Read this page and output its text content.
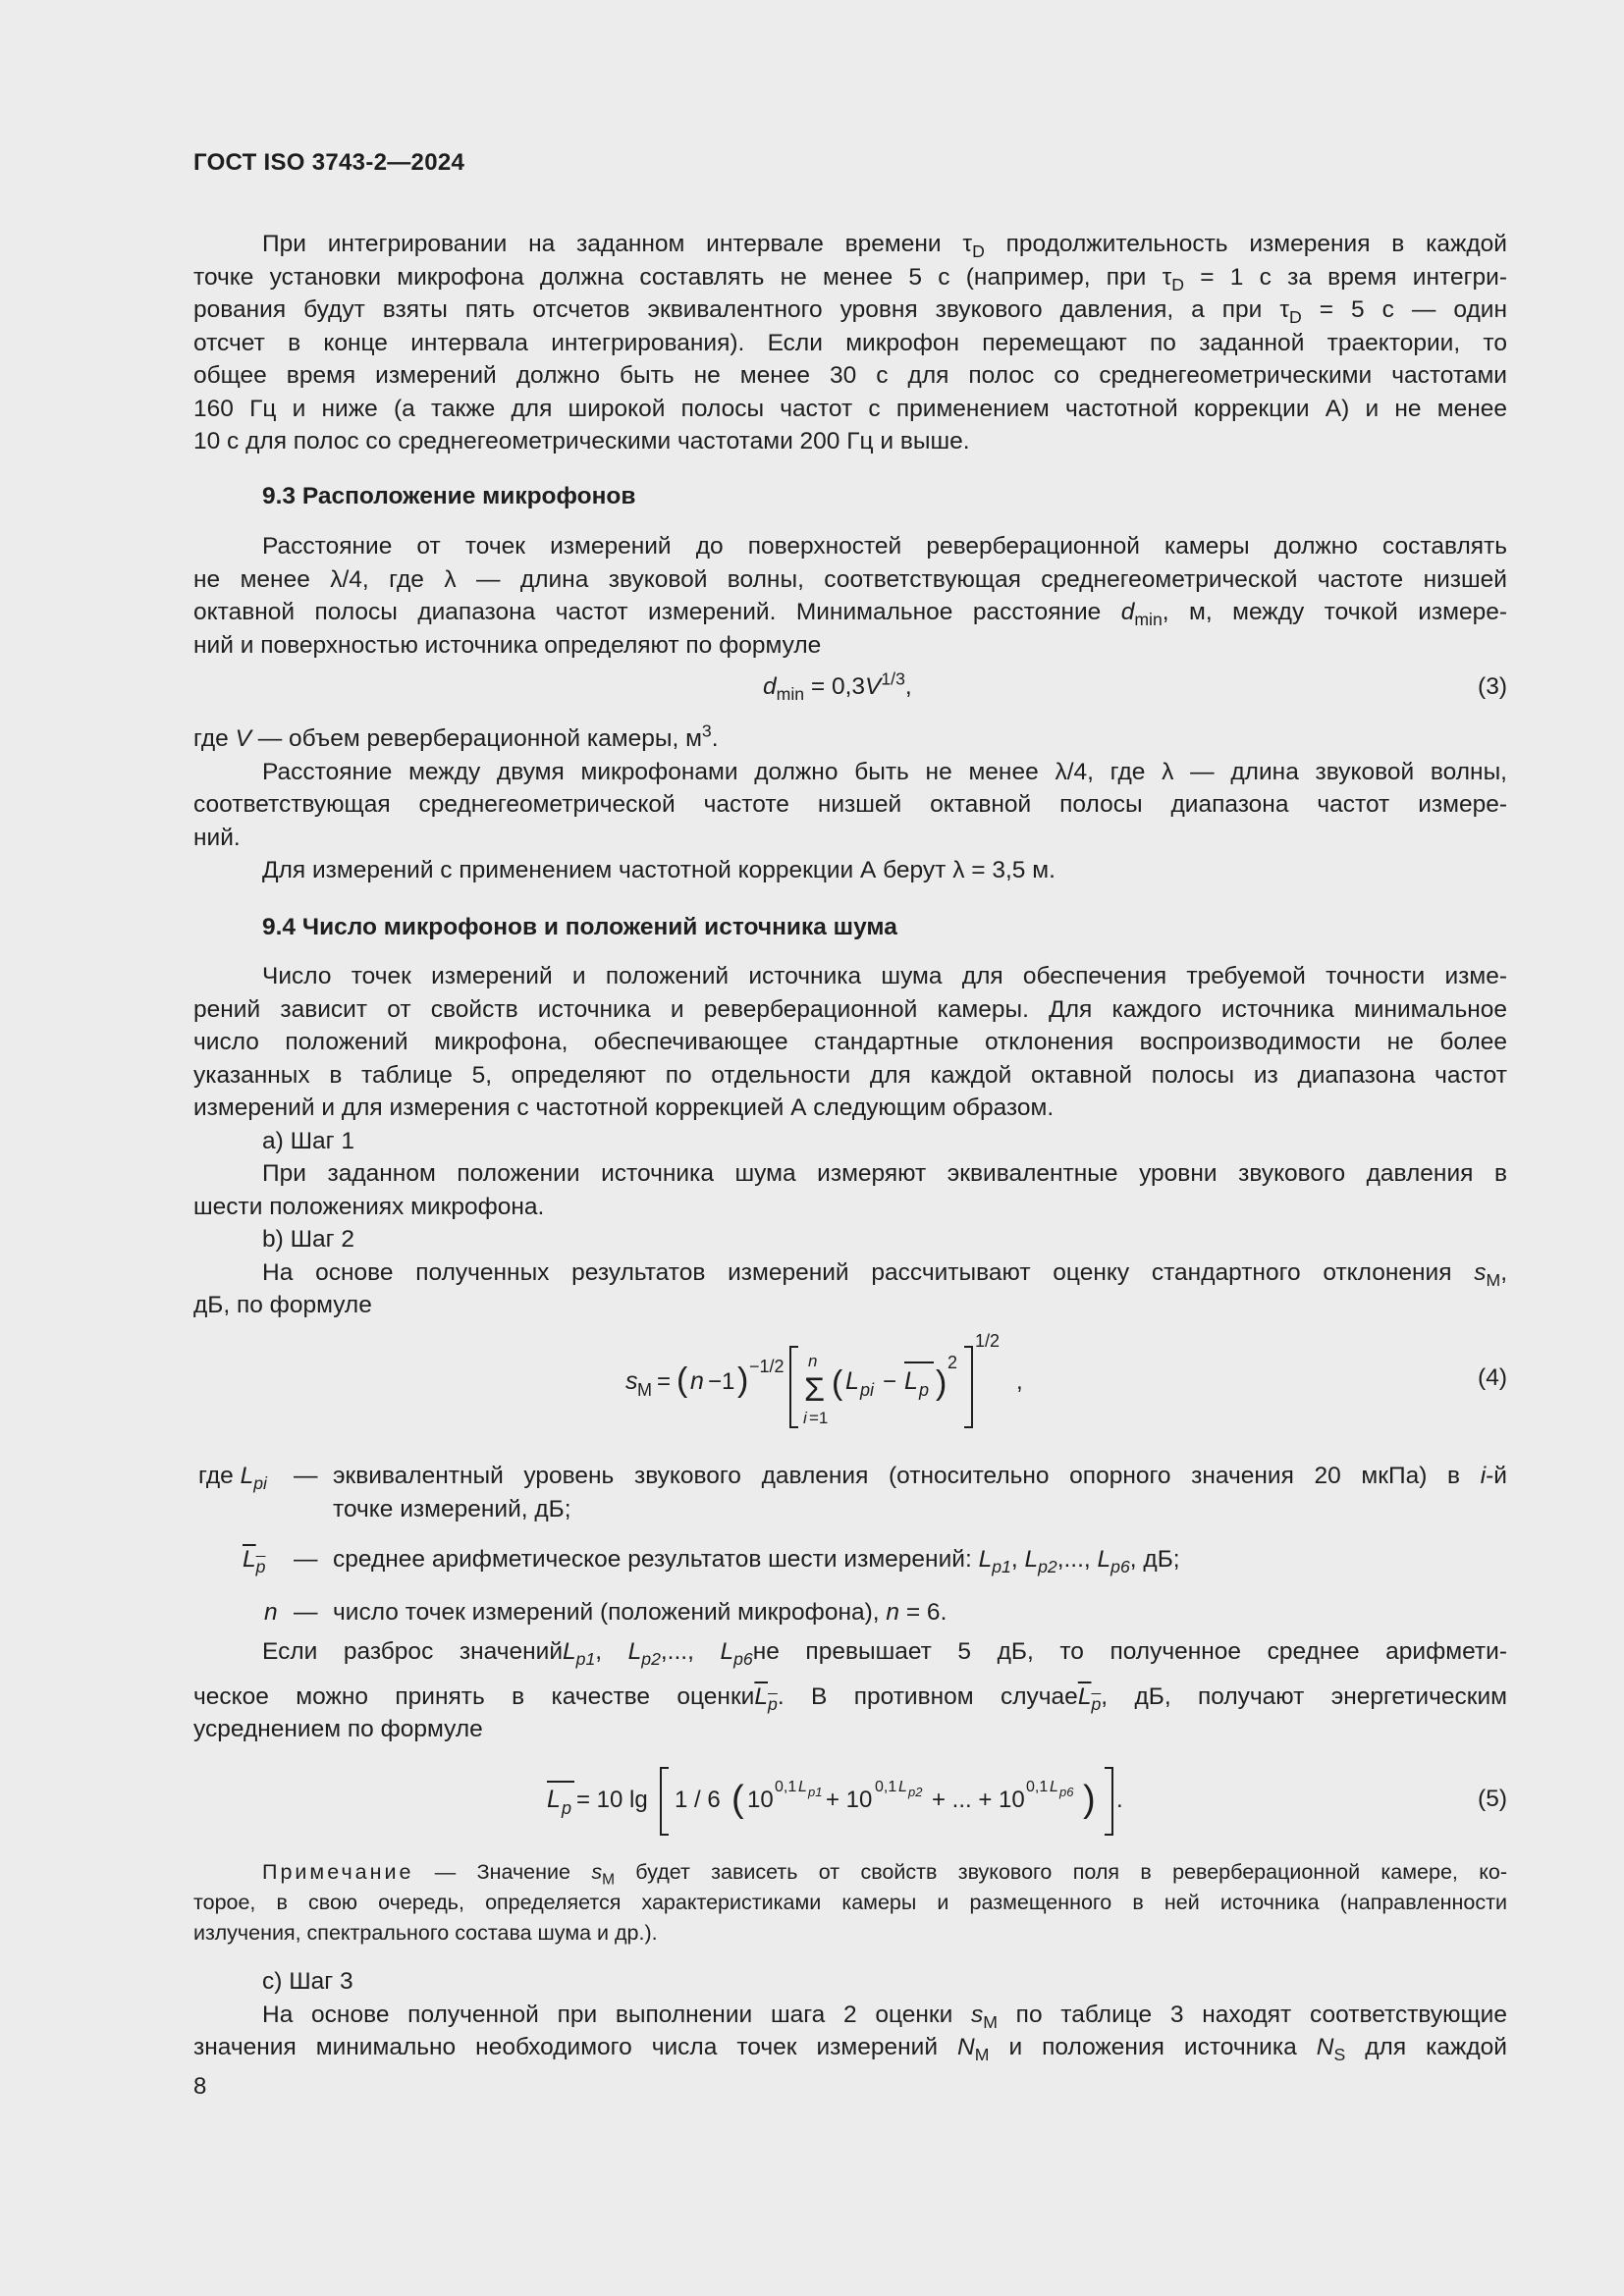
ГОСТ ISO 3743-2—2024
При интегрировании на заданном интервале времени $\tau_D$ продолжительность измерения в каждой
точке установки микрофона должна составлять не менее 5 с (например, при $\tau_D = 1$ с за время интегри-
рования будут взяты пять отсчетов эквивалентного уровня звукового давления, а при $\tau_D = 5$ с — один
отсчет в конце интервала интегрирования). Если микрофон перемещают по заданной траектории, то
общее время измерений должно быть не менее 30 с для полос со среднегеометрическими частотами
160 Гц и ниже (а также для широкой полосы частот с применением частотной коррекции А) и не менее
10 с для полос со среднегеометрическими частотами 200 Гц и выше.
9.3 Расположение микрофонов
Расстояние от точек измерений до поверхностей реверберационной камеры должно составлять
не менее λ/4, где λ — длина звуковой волны, соответствующая среднегеометрической частоте низшей
октавной полосы диапазона частот измерений. Минимальное расстояние $d_{min}$, м, между точкой измере-
ний и поверхностью источника определяют по формуле
$d_{min} = 0,3V^{1/3}$,	(3)
где V — объем реверберационной камеры, $м^3$.
Расстояние между двумя микрофонами должно быть не менее λ/4, где λ — длина звуковой волны,
соответствующая среднегеометрической частоте низшей октавной полосы диапазона частот измере-
ний.
Для измерений с применением частотной коррекции А берут λ = 3,5 м.
9.4 Число микрофонов и положений источника шума
Число точек измерений и положений источника шума для обеспечения требуемой точности изме-
рений зависит от свойств источника и реверберационной камеры. Для каждого источника минимальное
число положений микрофона, обеспечивающее стандартные отклонения воспроизводимости не более
указанных в таблице 5, определяют по отдельности для каждой октавной полосы из диапазона частот
измерений и для измерения с частотной коррекцией А следующим образом.
a) Шаг 1
При заданном положении источника шума измеряют эквивалентные уровни звукового давления в
шести положениях микрофона.
b) Шаг 2
На основе полученных результатов измерений рассчитывают оценку стандартного отклонения $s_M$,
дБ, по формуле
s M = ( n −1 ) −1/2 n
Σ
i =1
( L pi − L p )
2
1/2
,	(4)
где $L_{pi}$ — эквивалентный уровень звукового давления (относительно опорного значения 20 мкПа) в i-й
точке измерений, дБ;
$\overline{L}_{\overline{p}}$ — среднее арифметическое результатов шести измерений: $L_{p1}$, $L_{p2}$,..., $L_{p6}$, дБ;
n — число точек измерений (положений микрофона), n = 6.
Если разброс значенийL$_{p1}$, $L_{p2}$,..., $L_{p6}не$ превышает 5 дБ, то полученное среднее арифмети-
ческое можно принять в качестве $оценки\overline{L}_{\overline{p}}$. В противном $случае\overline{L}_{\overline{p}}$, дБ, получают энергетическим
усреднением по формуле
L p = 10 lg 1 / 6 ( 10 0,1 L p1 + 10 0,1 L p2 + ... + 10 0,1 L p6 ) .	(5)
Примечание — Значение $s_M$ будет зависеть от свойств звукового поля в реверберационной камере, ко-
торое, в свою очередь, определяется характеристиками камеры и размещенного в ней источника (направленности
излучения, спектрального состава шума и др.).
c) Шаг 3
На основе полученной при выполнении шага 2 оценки $s_M$ по таблице 3 находят соответствующие
значения минимально необходимого числа точек измерений $N_M$ и положения источника $N_S$ для каждой
8
